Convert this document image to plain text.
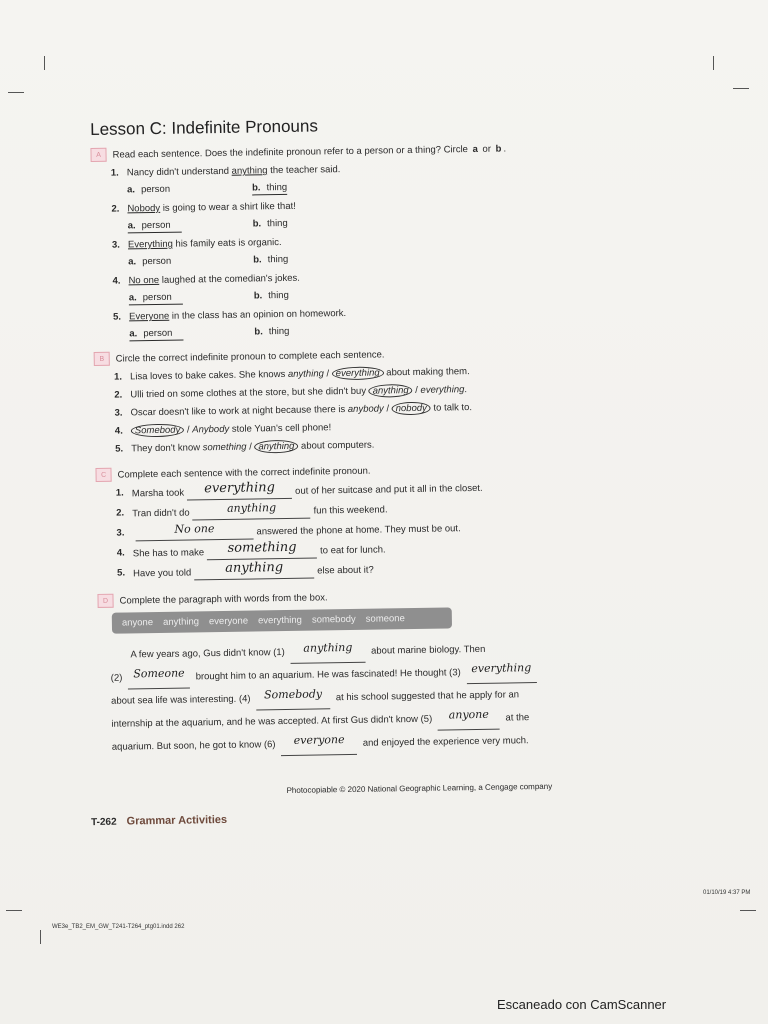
Lesson C: Indefinite Pronouns
A	Read each sentence. Does the indefinite pronoun refer to a person or a thing? Circle
a
or
b .
1. Nancy didn't understand anything the teacher said.
a. person	b. thing
2. Nobody is going to wear a shirt like that!
a. person	b. thing
3. Everything his family eats is organic.
a. person	b. thing
4. No one laughed at the comedian's jokes.
a. person	b. thing
5. Everyone in the class has an opinion on homework.
a. person	b. thing
B	Circle the correct indefinite pronoun to complete each sentence.
1. Lisa loves to bake cakes. She knows anything / everything about making them.
2. Ulli tried on some clothes at the store, but she didn't buy anything / everything.
3. Oscar doesn't like to work at night because there is anybody / nobody to talk to.
4.	Somebody / Anybody stole Yuan's cell phone!
5. They don't know something / anything about computers.
C	Complete each sentence with the correct indefinite pronoun.
1. Marsha took everything out of her suitcase and put it all in the closet.
2. Tran didn't do	anything	fun this weekend.
3.	No one	answered the phone at home. They must be out.
4. She has to make something to eat for lunch.
5. Have you told	anything	else about it?
D	Complete the paragraph with words from the box.
anyone anything everyone everything somebody someone
A few years ago, Gus didn't know (1) anything about marine biology. Then
(2) Someone brought him to an aquarium. He was fascinated! He thought (3) everything
about sea life was interesting. (4) Somebody at his school suggested that he apply for an
internship at the aquarium, and he was accepted. At first Gus didn't know (5) anyone at the
aquarium. But soon, he got to know (6) everyone and enjoyed the experience very much.
Photocopiable © 2020 National Geographic Learning, a Cengage company
T-262 Grammar Activities
01/10/19 4:37 PM
WE3e_TB2_EM_GW_T241-T264_ptg01.indd 262
Escaneado con CamScanner
